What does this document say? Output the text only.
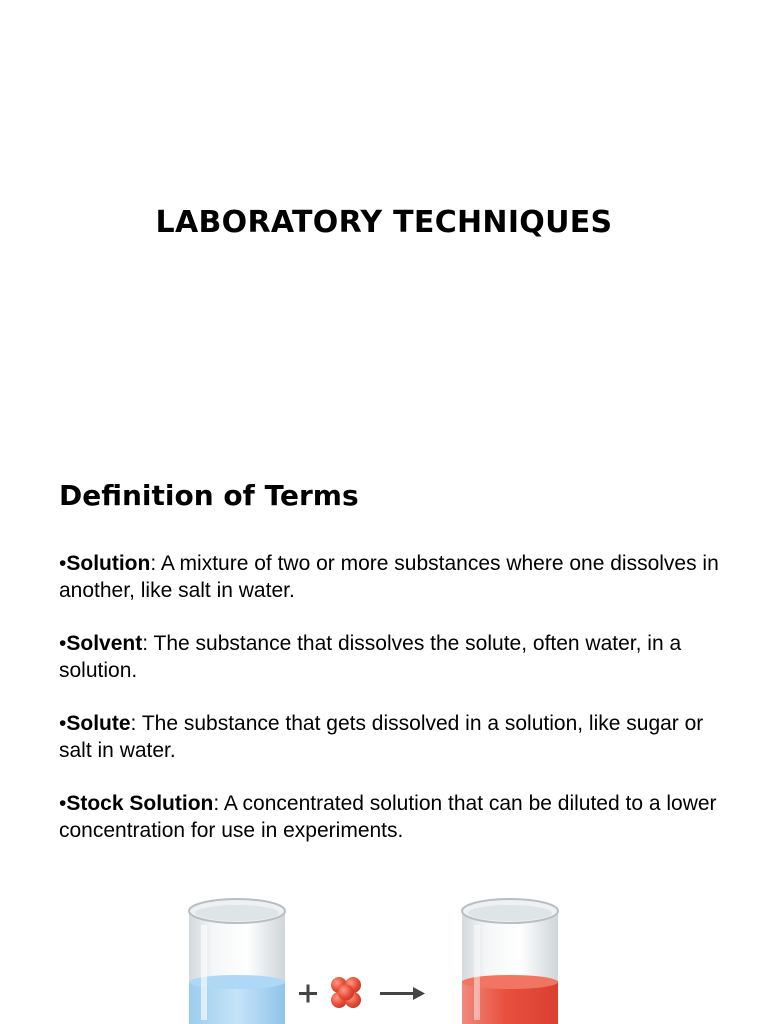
LABORATORY TECHNIQUES
Definition of Terms
•Solution: A mixture of two or more substances where one dissolves in another, like salt in water.
•Solvent: The substance that dissolves the solute, often water, in a solution.
•Solute: The substance that gets dissolved in a solution, like sugar or salt in water.
•Stock Solution: A concentrated solution that can be diluted to a lower concentration for use in experiments.
